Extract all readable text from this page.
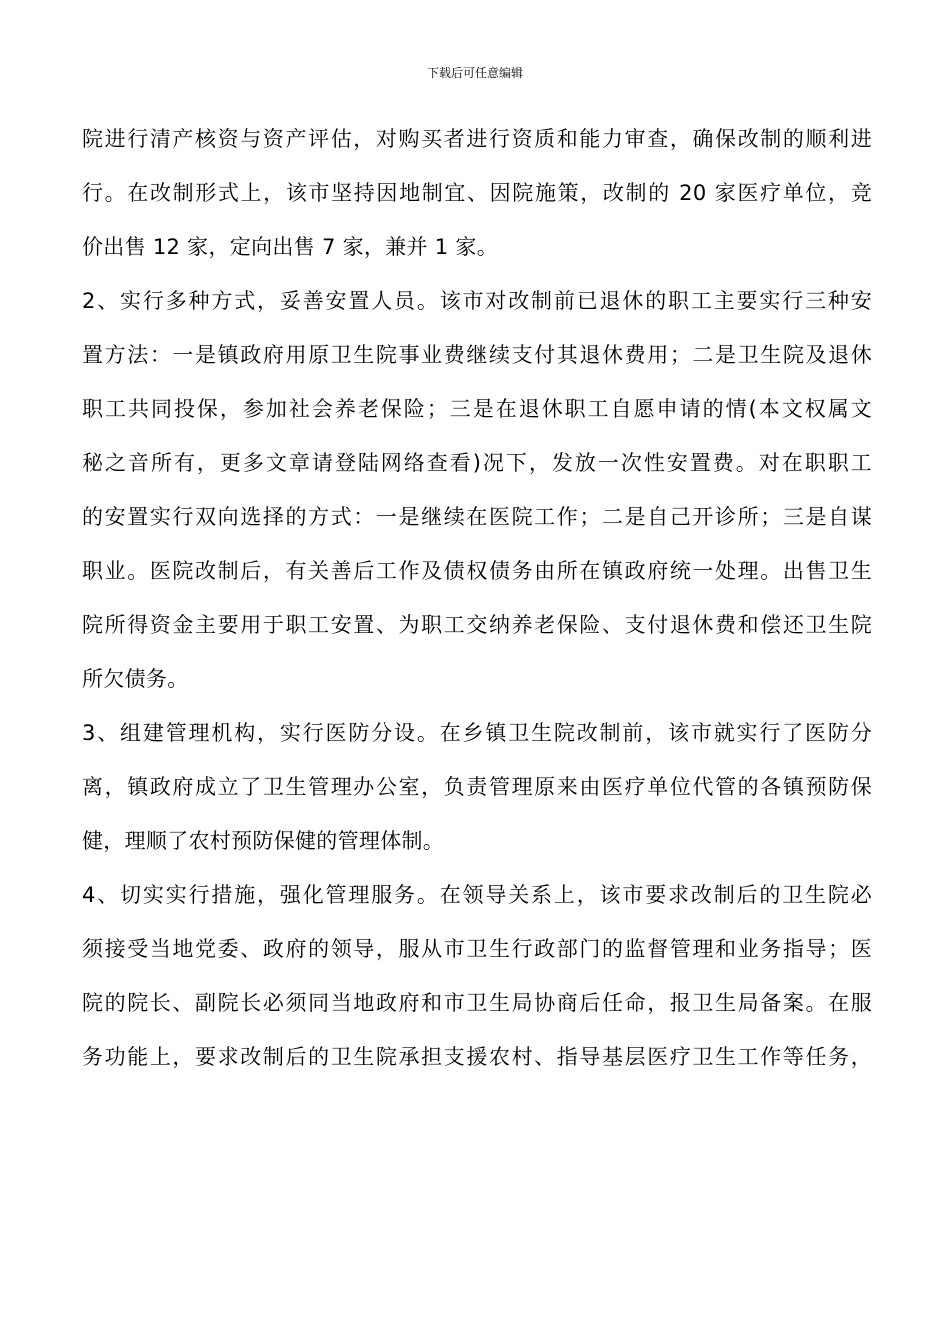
下载后可任意编辑
院进行清产核资与资产评估，对购买者进行资质和能力审查，确保改制的顺利进
行。在改制形式上，该市坚持因地制宜、因院施策，改制的 20 家医疗单位，竞
价出售 12 家，定向出售 7 家，兼并 1 家。
2、实行多种方式，妥善安置人员。该市对改制前已退休的职工主要实行三种安
置方法：一是镇政府用原卫生院事业费继续支付其退休费用；二是卫生院及退休
职工共同投保，参加社会养老保险；三是在退休职工自愿申请的情(本文权属文
秘之音所有，更多文章请登陆网络查看)况下，发放一次性安置费。对在职职工
的安置实行双向选择的方式：一是继续在医院工作；二是自己开诊所；三是自谋
职业。医院改制后，有关善后工作及债权债务由所在镇政府统一处理。出售卫生
院所得资金主要用于职工安置、为职工交纳养老保险、支付退休费和偿还卫生院
所欠债务。
3、组建管理机构，实行医防分设。在乡镇卫生院改制前，该市就实行了医防分
离，镇政府成立了卫生管理办公室，负责管理原来由医疗单位代管的各镇预防保
健，理顺了农村预防保健的管理体制。
4、切实实行措施，强化管理服务。在领导关系上，该市要求改制后的卫生院必
须接受当地党委、政府的领导，服从市卫生行政部门的监督管理和业务指导；医
院的院长、副院长必须同当地政府和市卫生局协商后任命，报卫生局备案。在服
务功能上，要求改制后的卫生院承担支援农村、指导基层医疗卫生工作等任务，
